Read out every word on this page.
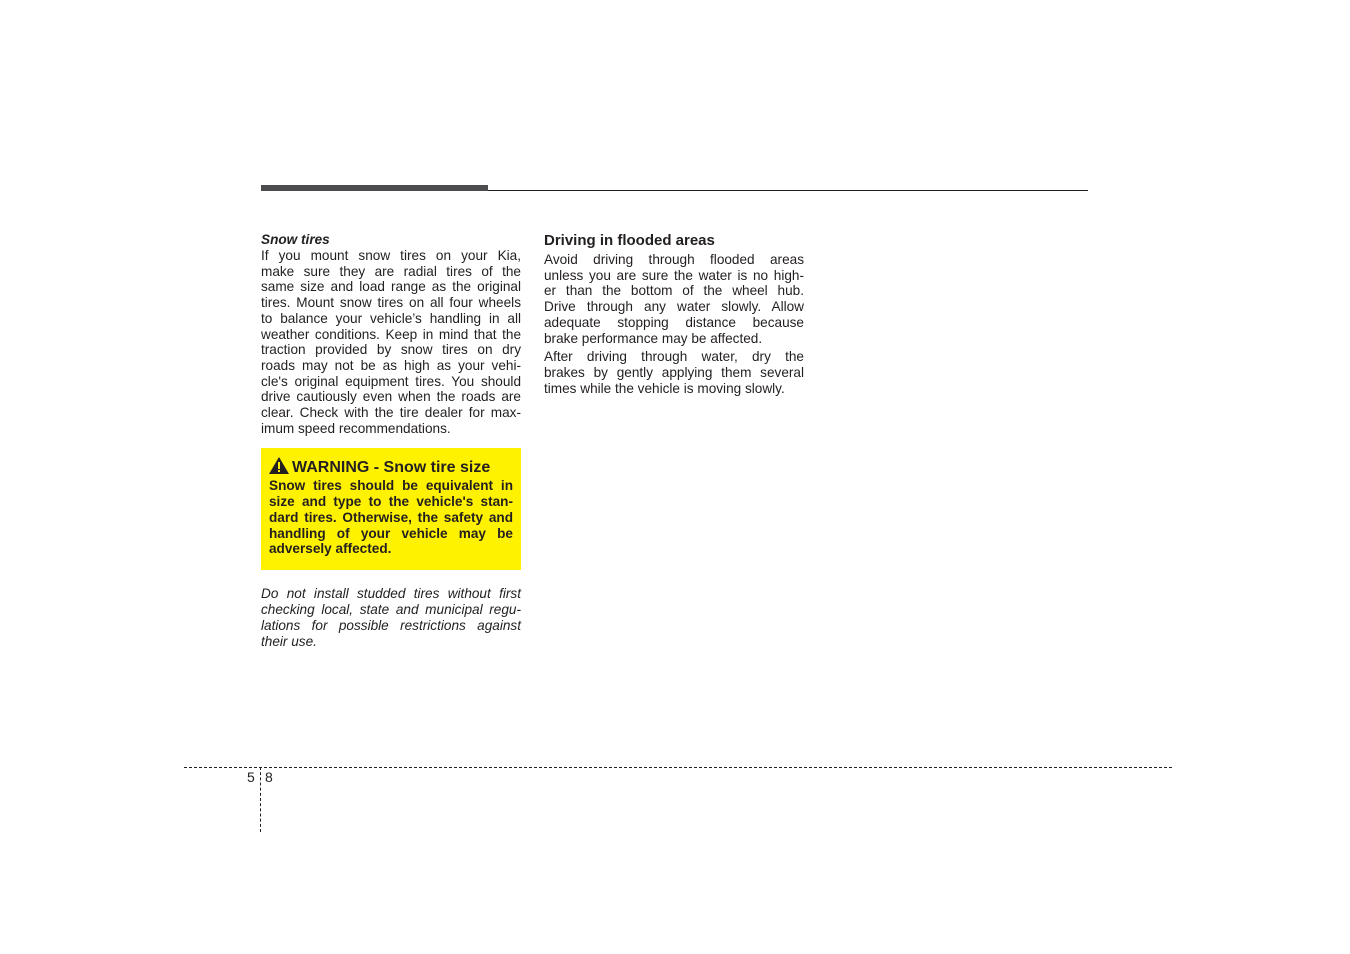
Snow tires
If you mount snow tires on your Kia,
make sure they are radial tires of the
same size and load range as the original
tires. Mount snow tires on all four wheels
to balance your vehicle’s handling in all
weather conditions. Keep in mind that the
traction provided by snow tires on dry
roads may not be as high as your vehi-
cle's original equipment tires. You should
drive cautiously even when the roads are
clear. Check with the tire dealer for max-
imum speed recommendations.
WARNING - Snow tire size
Snow tires should be equivalent in
size and type to the vehicle's stan-
dard tires. Otherwise, the safety and
handling of your vehicle may be
adversely affected.
Do not install studded tires without first
checking local, state and municipal regu-
lations for possible restrictions against
their use.
Driving in flooded areas
Avoid driving through flooded areas
unless you are sure the water is no high-
er than the bottom of the wheel hub.
Drive through any water slowly. Allow
adequate stopping distance because
brake performance may be affected.
After driving through water, dry the
brakes by gently applying them several
times while the vehicle is moving slowly.
5 8
